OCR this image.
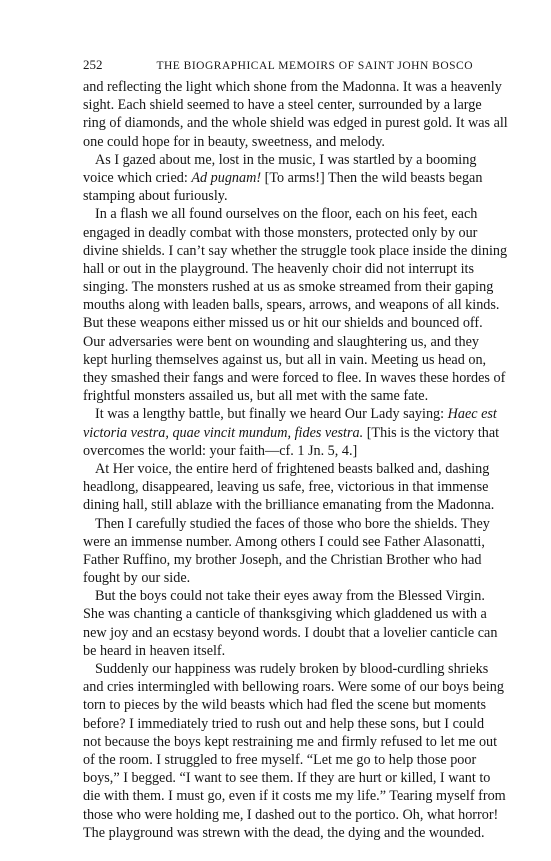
252	THE BIOGRAPHICAL MEMOIRS OF SAINT JOHN BOSCO
and reflecting the light which shone from the Madonna. It was a heavenly
sight. Each shield seemed to have a steel center, surrounded by a large
ring of diamonds, and the whole shield was edged in purest gold. It was all
one could hope for in beauty, sweetness, and melody.
As I gazed about me, lost in the music, I was startled by a booming
voice which cried: Ad pugnam! [To arms!] Then the wild beasts began
stamping about furiously.
In a flash we all found ourselves on the floor, each on his feet, each
engaged in deadly combat with those monsters, protected only by our
divine shields. I can’t say whether the struggle took place inside the dining
hall or out in the playground. The heavenly choir did not interrupt its
singing. The monsters rushed at us as smoke streamed from their gaping
mouths along with leaden balls, spears, arrows, and weapons of all kinds.
But these weapons either missed us or hit our shields and bounced off.
Our adversaries were bent on wounding and slaughtering us, and they
kept hurling themselves against us, but all in vain. Meeting us head on,
they smashed their fangs and were forced to flee. In waves these hordes of
frightful monsters assailed us, but all met with the same fate.
It was a lengthy battle, but finally we heard Our Lady saying: Haec est
victoria vestra, quae vincit mundum, fides vestra. [This is the victory that
overcomes the world: your faith—cf. 1 Jn. 5, 4.]
At Her voice, the entire herd of frightened beasts balked and, dashing
headlong, disappeared, leaving us safe, free, victorious in that immense
dining hall, still ablaze with the brilliance emanating from the Madonna.
Then I carefully studied the faces of those who bore the shields. They
were an immense number. Among others I could see Father Alasonatti,
Father Ruffino, my brother Joseph, and the Christian Brother who had
fought by our side.
But the boys could not take their eyes away from the Blessed Virgin.
She was chanting a canticle of thanksgiving which gladdened us with a
new joy and an ecstasy beyond words. I doubt that a lovelier canticle can
be heard in heaven itself.
Suddenly our happiness was rudely broken by blood-curdling shrieks
and cries intermingled with bellowing roars. Were some of our boys being
torn to pieces by the wild beasts which had fled the scene but moments
before? I immediately tried to rush out and help these sons, but I could
not because the boys kept restraining me and firmly refused to let me out
of the room. I struggled to free myself. “Let me go to help those poor
boys,” I begged. “I want to see them. If they are hurt or killed, I want to
die with them. I must go, even if it costs me my life.” Tearing myself from
those who were holding me, I dashed out to the portico. Oh, what horror!
The playground was strewn with the dead, the dying and the wounded.
